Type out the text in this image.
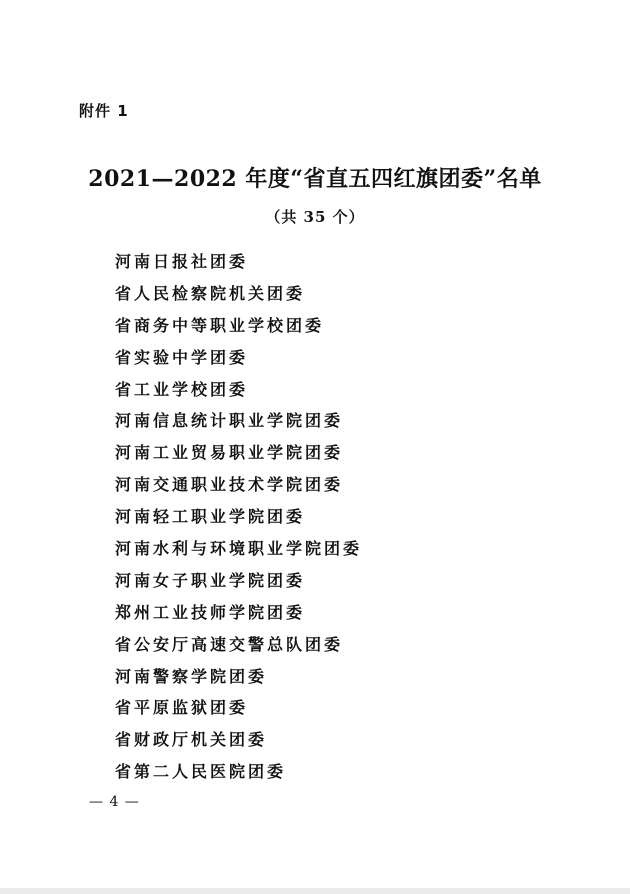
附件 1
2021—2022 年度“省直五四红旗团委”名单
（共 35 个）
河南日报社团委
省人民检察院机关团委
省商务中等职业学校团委
省实验中学团委
省工业学校团委
河南信息统计职业学院团委
河南工业贸易职业学院团委
河南交通职业技术学院团委
河南轻工职业学院团委
河南水利与环境职业学院团委
河南女子职业学院团委
郑州工业技师学院团委
省公安厅高速交警总队团委
河南警察学院团委
省平原监狱团委
省财政厅机关团委
省第二人民医院团委
— 4 —
